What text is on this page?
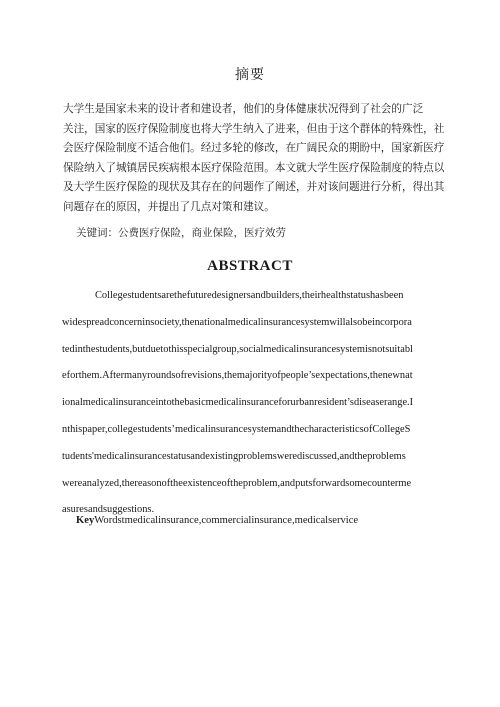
摘要
大学生是国家未来的设计者和建设者，他们的身体健康状况得到了社会的广泛
关注，国家的医疗保险制度也将大学生纳入了进来，但由于这个群体的特殊性，社
会医疗保险制度不适合他们。经过多轮的修改，在广阔民众的期盼中，国家新医疗
保险纳入了城镇居民疾病根本医疗保险范围。本文就大学生医疗保险制度的特点以
及大学生医疗保险的现状及其存在的问题作了阐述，并对该问题进行分析，得出其
问题存在的原因，并提出了几点对策和建议。
关键词：公费医疗保险，商业保险，医疗效劳
ABSTRACT
Collegestudentsarethefuturedesignersandbuilders,theirhealthstatushasbeen
widespreadconcerninsociety,thenationalmedicalinsurancesystemwillalsobeincorpora
tedinthestudents,butduetothisspecialgroup,socialmedicalinsurancesystemisnotsuitabl
eforthem.Aftermanyroundsofrevisions,themajorityofpeople’sexpectations,thenewnat
ionalmedicalinsuranceintothebasicmedicalinsuranceforurbanresident’sdiseaserange.I
nthispaper,collegestudents’medicalinsurancesystemandthecharacteristicsofCollegeS
tudents'medicalinsurancestatusandexistingproblemswerediscussed,andtheproblems
wereanalyzed,thereasonoftheexistenceoftheproblem,andputsforwardsomecounterme
asuresandsuggestions.
KeyWordstmedicalinsurance,commercialinsurance,medicalservice
